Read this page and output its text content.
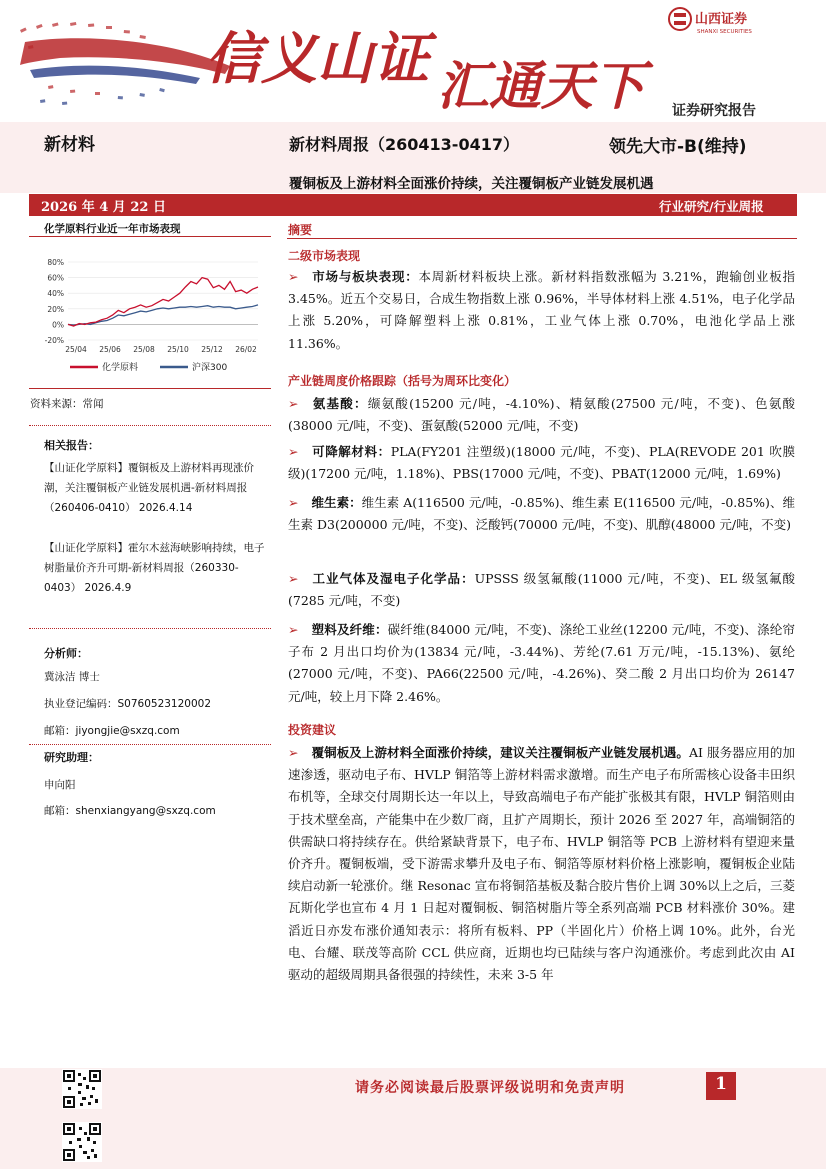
信义山证 汇通天下
山西证券
SHANXI SECURITIES
证券研究报告
新材料	新材料周报（260413-0417）	领先大市-B(维持)
覆铜板及上游材料全面涨价持续，关注覆铜板产业链发展机遇
2026 年 4 月 22 日	行业研究/行业周报
化学原料行业近一年市场表现
80%
60%
40%
20%
0%
-20%
25/04 25/06 25/08 25/10 25/12 26/02
化学原料	沪深300
资料来源：常闻
相关报告：
【山证化学原料】覆铜板及上游材料再现涨价潮，关注覆铜板产业链发展机遇-新材料周报（260406-0410） 2026.4.14
【山证化学原料】霍尔木兹海峡影响持续，电子树脂量价齐升可期-新材料周报（260330-0403） 2026.4.9
分析师：
冀泳洁 博士
执业登记编码：S0760523120002
邮箱：jiyongjie@sxzq.com
研究助理：
申向阳
邮箱：shenxiangyang@sxzq.com
摘要
二级市场表现
➢ 市场与板块表现：本周新材料板块上涨。新材料指数涨幅为 3.21%，跑输创业板指 3.45%。近五个交易日，合成生物指数上涨 0.96%，半导体材料上涨 4.51%，电子化学品上涨 5.20%，可降解塑料上涨 0.81%，工业气体上涨 0.70%，电池化学品上涨 11.36%。
产业链周度价格跟踪（括号为周环比变化）
➢ 氨基酸：缬氨酸(15200 元/吨，-4.10%)、精氨酸(27500 元/吨，不变)、色氨酸(38000 元/吨，不变)、蛋氨酸(52000 元/吨，不变)
➢ 可降解材料：PLA(FY201 注塑级)(18000 元/吨，不变)、PLA(REVODE 201 吹膜级)(17200 元/吨，1.18%)、PBS(17000 元/吨，不变)、PBAT(12000 元/吨，1.69%)
➢ 维生素：维生素 A(116500 元/吨，-0.85%)、维生素 E(116500 元/吨，-0.85%)、维生素 D3(200000 元/吨，不变)、泛酸钙(70000 元/吨，不变)、肌醇(48000 元/吨，不变)
➢ 工业气体及湿电子化学品：UPSSS 级氢氟酸(11000 元/吨，不变)、EL 级氢氟酸(7285 元/吨，不变)
➢ 塑料及纤维：碳纤维(84000 元/吨，不变)、涤纶工业丝(12200 元/吨，不变)、涤纶帘子布 2 月出口均价为(13834 元/吨，-3.44%)、芳纶(7.61 万元/吨，-15.13%)、氨纶(27000 元/吨，不变)、PA66(22500 元/吨，-4.26%)、癸二酸 2 月出口均价为 26147 元/吨，较上月下降 2.46%。
投资建议
➢ 覆铜板及上游材料全面涨价持续，建议关注覆铜板产业链发展机遇。AI 服务器应用的加速渗透，驱动电子布、HVLP 铜箔等上游材料需求激增。而生产电子布所需核心设备丰田织布机等，全球交付周期长达一年以上，导致高端电子布产能扩张极其有限，HVLP 铜箔则由于技术壁垒高，产能集中在少数厂商，且扩产周期长，预计 2026 至 2027 年，高端铜箔的供需缺口将持续存在。供给紧缺背景下，电子布、HVLP 铜箔等 PCB 上游材料有望迎来量价齐升。覆铜板端，受下游需求攀升及电子布、铜箔等原材料价格上涨影响，覆铜板企业陆续启动新一轮涨价。继 Resonac 宣布将铜箔基板及黏合胶片售价上调 30%以上之后，三菱瓦斯化学也宣布 4 月 1 日起对覆铜板、铜箔树脂片等全系列高端 PCB 材料涨价 30%。建滔近日亦发布涨价通知表示：将所有板料、PP（半固化片）价格上调 10%。此外，台光电、台耀、联茂等高阶 CCL 供应商，近期也均已陆续与客户沟通涨价。考虑到此次由 AI 驱动的超级周期具备很强的持续性，未来 3-5 年
请务必阅读最后股票评级说明和免责声明	1
